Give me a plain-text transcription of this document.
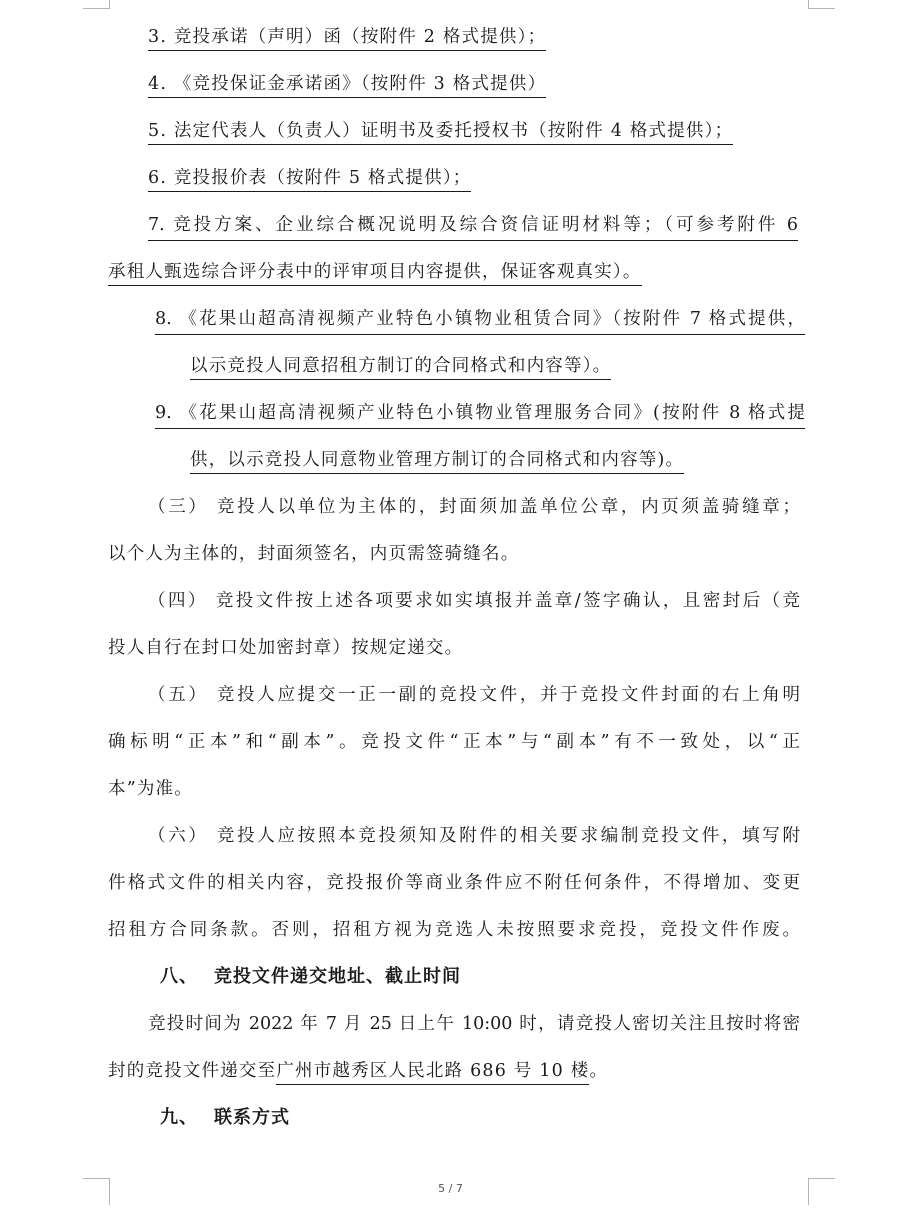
3. 竞投承诺（声明）函（按附件 2 格式提供）；
4. 《竞投保证金承诺函》（按附件 3 格式提供）
5. 法定代表人（负责人）证明书及委托授权书（按附件 4 格式提供）；
6. 竞投报价表（按附件 5 格式提供）；
7. 竞投方案、企业综合概况说明及综合资信证明材料等；（可参考附件 6
承租人甄选综合评分表中的评审项目内容提供，保证客观真实）。
8. 《花果山超高清视频产业特色小镇物业租赁合同》（按附件 7 格式提供，
以示竞投人同意招租方制订的合同格式和内容等）。
9. 《花果山超高清视频产业特色小镇物业管理服务合同》(按附件 8 格式提
供，以示竞投人同意物业管理方制订的合同格式和内容等)。
（三） 竞投人以单位为主体的，封面须加盖单位公章，内页须盖骑缝章；
以个人为主体的，封面须签名，内页需签骑缝名。
（四） 竞投文件按上述各项要求如实填报并盖章/签字确认，且密封后（竞
投人自行在封口处加密封章）按规定递交。
（五） 竞投人应提交一正一副的竞投文件，并于竞投文件封面的右上角明
确标明“正本”和“副本”。竞投文件“正本”与“副本”有不一致处，以“正
本”为准。
（六） 竞投人应按照本竞投须知及附件的相关要求编制竞投文件，填写附
件格式文件的相关内容，竞投报价等商业条件应不附任何条件，不得增加、变更
招租方合同条款。否则，招租方视为竞选人未按照要求竞投，竞投文件作废。
八、 竞投文件递交地址、截止时间
竞投时间为 2022 年 7 月 25 日上午 10:00 时，请竞投人密切关注且按时将密
封的竞投文件递交至广州市越秀区人民北路 686 号 10 楼。
九、 联系方式
5 / 7
